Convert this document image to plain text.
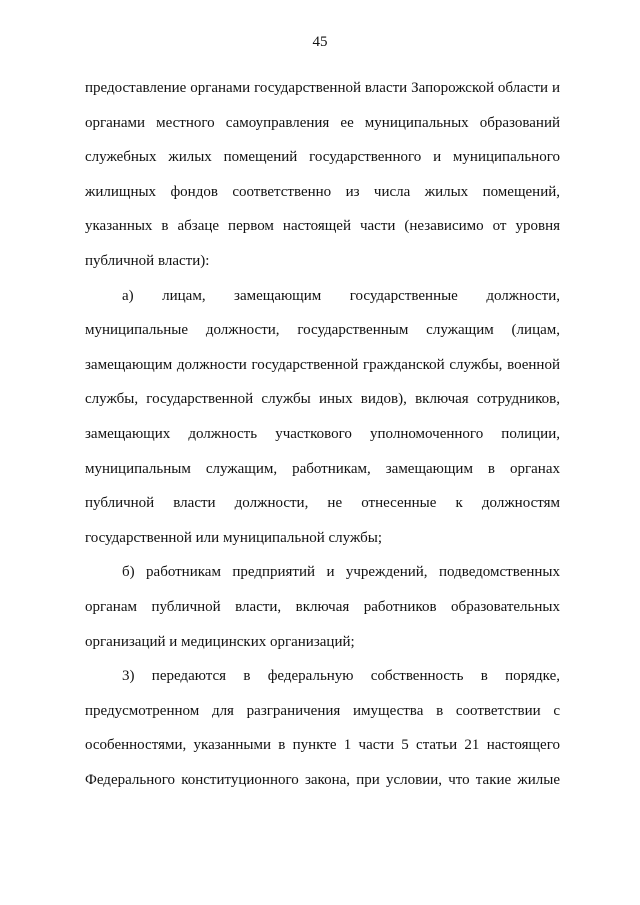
45
предоставление органами государственной власти Запорожской области и
органами местного самоуправления ее муниципальных образований
служебных жилых помещений государственного и муниципального
жилищных фондов соответственно из числа жилых помещений,
указанных в абзаце первом настоящей части (независимо от уровня
публичной власти):
а) лицам, замещающим государственные должности,
муниципальные должности, государственным служащим (лицам,
замещающим должности государственной гражданской службы, военной
службы, государственной службы иных видов), включая сотрудников,
замещающих должность участкового уполномоченного полиции,
муниципальным служащим, работникам, замещающим в органах
публичной власти должности, не отнесенные к должностям
государственной или муниципальной службы;
б) работникам предприятий и учреждений, подведомственных
органам публичной власти, включая работников образовательных
организаций и медицинских организаций;
3) передаются в федеральную собственность в порядке,
предусмотренном для разграничения имущества в соответствии с
особенностями, указанными в пункте 1 части 5 статьи 21 настоящего
Федерального конституционного закона, при условии, что такие жилые
